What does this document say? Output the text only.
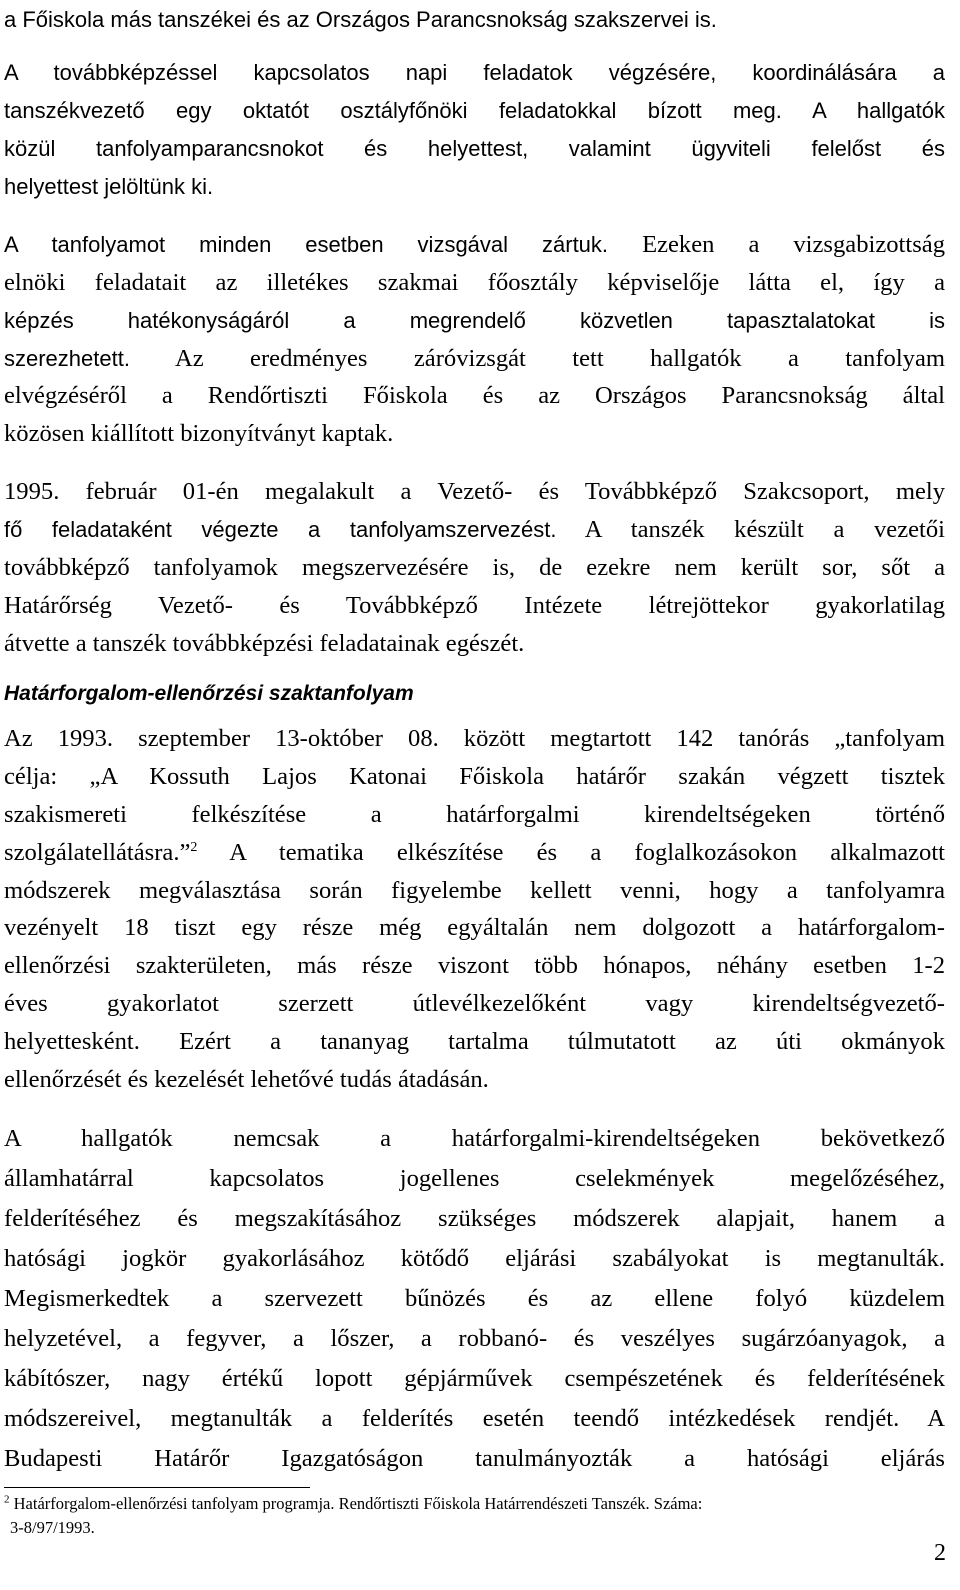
a Főiskola más tanszékei és az Országos Parancsnokság szakszervei is.
A továbbképzéssel kapcsolatos napi feladatok végzésére, koordinálására a
tanszékvezető egy oktatót osztályfőnöki feladatokkal bízott meg. A hallgatók
közül tanfolyamparancsnokot és helyettest, valamint ügyviteli felelőst és
helyettest jelöltünk ki.
A tanfolyamot minden esetben vizsgával zártuk. Ezeken a vizsgabizottság
elnöki feladatait az illetékes szakmai főosztály képviselője látta el, így a
képzés hatékonyságáról a megrendelő közvetlen tapasztalatokat is
szerezhetett. Az eredményes záróvizsgát tett hallgatók a tanfolyam
elvégzéséről a Rendőrtiszti Főiskola és az Országos Parancsnokság által
közösen kiállított bizonyítványt kaptak.
1995. február 01-én megalakult a Vezető- és Továbbképző Szakcsoport, mely
fő feladataként végezte a tanfolyamszervezést. A tanszék készült a vezetői
továbbképző tanfolyamok megszervezésére is, de ezekre nem került sor, sőt a
Határőrség Vezető- és Továbbképző Intézete létrejöttekor gyakorlatilag
átvette a tanszék továbbképzési feladatainak egészét.
Határforgalom-ellenőrzési szaktanfolyam
Az 1993. szeptember 13-október 08. között megtartott 142 tanórás „tanfolyam
célja: „A Kossuth Lajos Katonai Főiskola határőr szakán végzett tisztek
szakismereti felkészítése a határforgalmi kirendeltségeken történő
szolgálatellátásra.”$^2$ A tematika elkészítése és a foglalkozásokon alkalmazott
módszerek megválasztása során figyelembe kellett venni, hogy a tanfolyamra
vezényelt 18 tiszt egy része még egyáltalán nem dolgozott a határforgalom-
ellenőrzési szakterületen, más része viszont több hónapos, néhány esetben 1-2
éves gyakorlatot szerzett útlevélkezelőként vagy kirendeltségvezető-
helyettesként. Ezért a tananyag tartalma túlmutatott az úti okmányok
ellenőrzését és kezelését lehetővé tudás átadásán.
A hallgatók nemcsak a határforgalmi-kirendeltségeken bekövetkező
államhatárral kapcsolatos jogellenes cselekmények megelőzéséhez,
felderítéséhez és megszakításához szükséges módszerek alapjait, hanem a
hatósági jogkör gyakorlásához kötődő eljárási szabályokat is megtanulták.
Megismerkedtek a szervezett bűnözés és az ellene folyó küzdelem
helyzetével, a fegyver, a lőszer, a robbanó- és veszélyes sugárzóanyagok, a
kábítószer, nagy értékű lopott gépjárművek csempészetének és felderítésének
módszereivel, megtanulták a felderítés esetén teendő intézkedések rendjét. A
$^2$ Határforgalom-ellenőrzési tanfolyam programja. Rendőrtiszti Főiskola Határrendészeti Tanszék. Száma:
3-8/97/1993.
2
Budapesti Határőr Igazgatóságon tanulmányozták a hatósági eljárás
